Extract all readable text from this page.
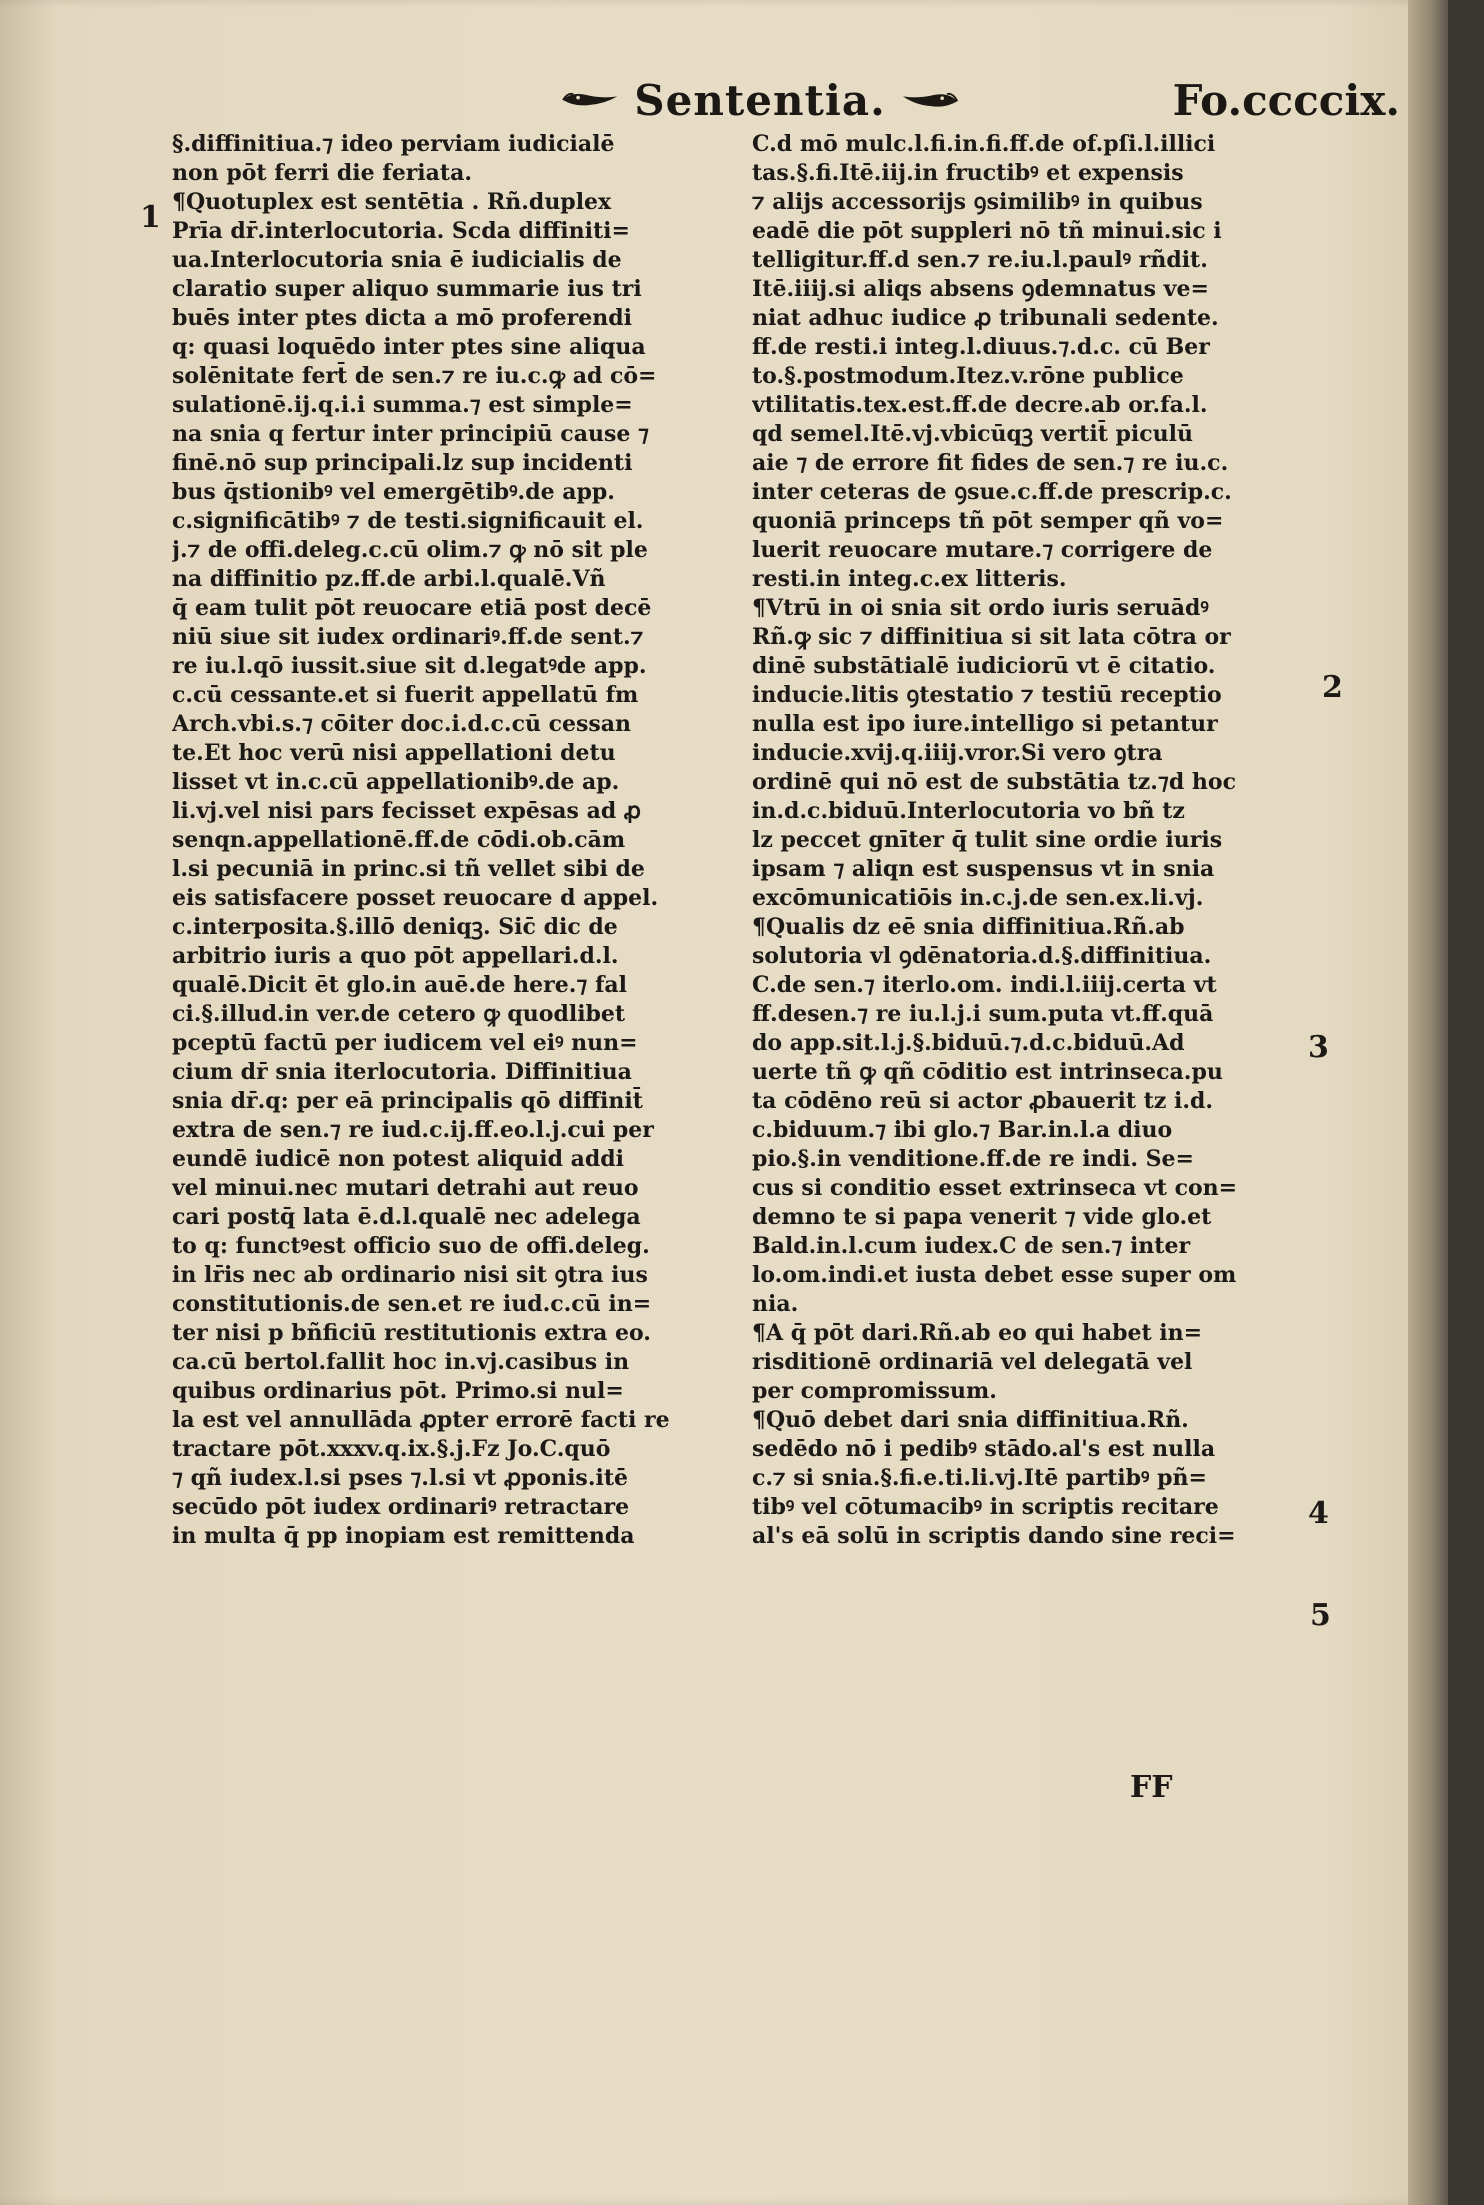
Sententia.	Fo.ccccix.
§.diffinitiua.⁊ ideo perviam iudicialē
non pōt ferri die feriata.
¶Quotuplex est sentētia . Rñ.duplex
Prīa dr̄.interlocutoria. Scda diffiniti=
ua.Interlocutoria snia ē iudicialis de
claratio super aliquo summarie ius tri
buēs inter ptes dicta a mō proferendi
q: quasi loquēdo inter ptes sine aliqua
solēnitate fert̄ de sen.⁊ re iu.c.ꝙ ad cō=
sulationē.ij.q.i.i summa.⁊ est simple=
na snia q fertur inter principiū cause ⁊
finē.nō sup principali.lz sup incidenti
bus q̄stionibꝰ vel emergētibꝰ.de app.
c.significātibꝰ ⁊ de testi.significauit el.
j.⁊ de offi.deleg.c.cū olim.⁊ ꝙ nō sit ple
na diffinitio pz.ff.de arbi.l.qualē.Vñ
q̄ eam tulit pōt reuocare etiā post decē
niū siue sit iudex ordinariꝰ.ff.de sent.⁊
re iu.l.qō iussit.siue sit d.legatꝰde app.
c.cū cessante.et si fuerit appellatū fm
Arch.vbi.s.⁊ cōiter doc.i.d.c.cū cessan
te.Et hoc verū nisi appellationi detu
lisset vt in.c.cū appellationibꝰ.de ap.
li.vj.vel nisi pars fecisset expēsas ad ꝓ
senqn.appellationē.ff.de cōdi.ob.cām
l.si pecuniā in princ.si tñ vellet sibi de
eis satisfacere posset reuocare d appel.
c.interposita.§.illō deniqꝫ. Sic̄ dic de
arbitrio iuris a quo pōt appellari.d.l.
qualē.Dicit ēt glo.in auē.de here.⁊ fal
ci.§.illud.in ver.de cetero ꝙ quodlibet
pceptū factū per iudicem vel eiꝰ nun=
cium dr̄ snia iterlocutoria. Diffinitiua
snia dr̄.q: per eā principalis qō diffinit̄
extra de sen.⁊ re iud.c.ij.ff.eo.l.j.cui per
eundē iudicē non potest aliquid addi
vel minui.nec mutari detrahi aut reuo
cari postq̄ lata ē.d.l.qualē nec adelega
to q: functꝰest officio suo de offi.deleg.
in lr̄is nec ab ordinario nisi sit ꝯtra ius
constitutionis.de sen.et re iud.c.cū in=
ter nisi p bñficiū restitutionis extra eo.
ca.cū bertol.fallit hoc in.vj.casibus in
quibus ordinarius pōt. Primo.si nul=
la est vel annullāda ꝓpter errorē facti re
tractare pōt.xxxv.q.ix.§.j.Fz Jo.C.quō
⁊ qñ iudex.l.si pses ⁊.l.si vt ꝓponis.itē
secūdo pōt iudex ordinariꝰ retractare
in multa q̄ pp inopiam est remittenda
C.d mō mulc.l.fi.in.fi.ff.de of.pſi.l.illici
tas.§.fi.Itē.iij.in fructibꝰ et expensis
⁊ alijs accessorijs ꝯsimilibꝰ in quibus
eadē die pōt suppleri nō tñ minui.sic i
telligitur.ff.d sen.⁊ re.iu.l.paulꝰ rñdit.
Itē.iiij.si aliqs absens ꝯdemnatus ve=
niat adhuc iudice ꝓ tribunali sedente.
ff.de resti.i integ.l.diuus.⁊.d.c. cū Ber
to.§.postmodum.Itez.v.rōne publice
vtilitatis.tex.est.ff.de decre.ab or.fa.l.
qd semel.Itē.vj.vbicūqꝫ vertit̄ piculū
aie ⁊ de errore fit fides de sen.⁊ re iu.c.
inter ceteras de ꝯsue.c.ff.de prescrip.c.
quoniā princeps tñ pōt semper qñ vo=
luerit reuocare mutare.⁊ corrigere de
resti.in integ.c.ex litteris.
¶Vtrū in oi snia sit ordo iuris seruādꝰ
Rñ.ꝙ sic ⁊ diffinitiua si sit lata cōtra or
dinē substātialē iudiciorū vt ē citatio.
inducie.litis ꝯtestatio ⁊ testiū receptio
nulla est ipo iure.intelligo si petantur
inducie.xvij.q.iiij.vror.Si vero ꝯtra
ordinē qui nō est de substātia tz.⁊d hoc
in.d.c.biduū.Interlocutoria vo bñ tz
lz peccet gnīter q̄ tulit sine ordie iuris
ipsam ⁊ aliqn est suspensus vt in snia
excōmunicatiōis in.c.j.de sen.ex.li.vj.
¶Qualis dz eē snia diffinitiua.Rñ.ab
solutoria vl ꝯdēnatoria.d.§.diffinitiua.
C.de sen.⁊ iterlo.om. indi.l.iiij.certa vt
ff.desen.⁊ re iu.l.j.i sum.puta vt.ff.quā
do app.sit.l.j.§.biduū.⁊.d.c.biduū.Ad
uerte tñ ꝙ qñ cōditio est intrinseca.pu
ta cōdēno reū si actor ꝓbauerit tz i.d.
c.biduum.⁊ ibi glo.⁊ Bar.in.l.a diuo
pio.§.in venditione.ff.de re indi. Se=
cus si conditio esset extrinseca vt con=
demno te si papa venerit ⁊ vide glo.et
Bald.in.l.cum iudex.C de sen.⁊ inter
lo.om.indi.et iusta debet esse super om
nia.
¶A q̄ pōt dari.Rñ.ab eo qui habet in=
risditionē ordinariā vel delegatā vel
per compromissum.
¶Quō debet dari snia diffinitiua.Rñ.
sedēdo nō i pedibꝰ stādo.al's est nulla
c.⁊ si snia.§.fi.e.ti.li.vj.Itē partibꝰ pñ=
tibꝰ vel cōtumacibꝰ in scriptis recitare
al's eā solū in scriptis dando sine reci=
1
2
3
4
5
FF
